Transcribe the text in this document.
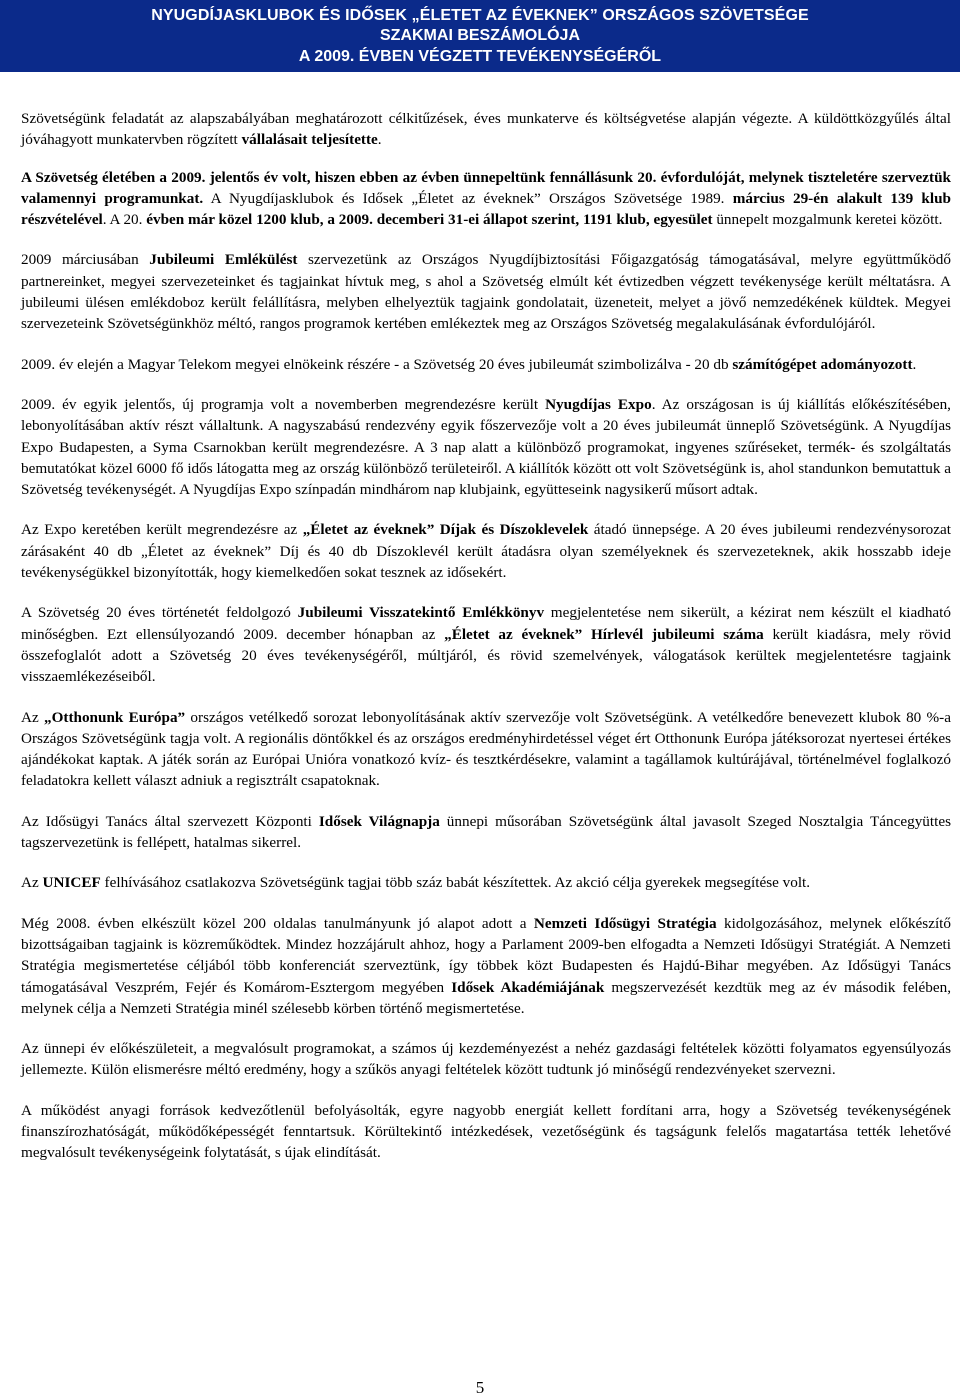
NYUGDÍJASKLUBOK ÉS IDŐSEK „ÉLETET AZ ÉVEKNEK” ORSZÁGOS SZÖVETSÉGE
SZAKMAI BESZÁMOLÓJA
A 2009. ÉVBEN VÉGZETT TEVÉKENYSÉGÉRŐL

Szövetségünk feladatát az alapszabályában meghatározott célkitűzések, éves munkaterve és költségvetése alapján végezte. A küldöttközgyűlés által jóváhagyott munkatervben rögzített vállalásait teljesítette.

A Szövetség életében a 2009. jelentős év volt, hiszen ebben az évben ünnepeltünk fennállásunk 20. évfordulóját, melynek tiszteletére szerveztük valamennyi programunkat. A Nyugdíjasklubok és Idősek „Életet az éveknek” Országos Szövetsége 1989. március 29-én alakult 139 klub részvételével. A 20. évben már közel 1200 klub, a 2009. decemberi 31-ei állapot szerint, 1191 klub, egyesület ünnepelt mozgalmunk keretei között.

2009 márciusában Jubileumi Emlékülést szervezetünk az Országos Nyugdíjbiztosítási Főigazgatóság támogatásával, melyre együttműködő partnereinket, megyei szervezeteinket és tagjainkat hívtuk meg, s ahol a Szövetség elmúlt két évtizedben végzett tevékenysége került méltatásra. A jubileumi ülésen emlékdoboz került felállításra, melyben elhelyeztük tagjaink gondolatait, üzeneteit, melyet a jövő nemzedékének küldtek. Megyei szervezeteink Szövetségünkhöz méltó, rangos programok kertében emlékeztek meg az Országos Szövetség megalakulásának évfordulójáról.

2009. év elején a Magyar Telekom megyei elnökeink részére - a Szövetség 20 éves jubileumát szimbolizálva - 20 db számítógépet adományozott.

2009. év egyik jelentős, új programja volt a novemberben megrendezésre került Nyugdíjas Expo. Az országosan is új kiállítás előkészítésében, lebonyolításában aktív részt vállaltunk. A nagyszabású rendezvény egyik főszervezője volt a 20 éves jubileumát ünneplő Szövetségünk. A Nyugdíjas Expo Budapesten, a Syma Csarnokban került megrendezésre. A 3 nap alatt a különböző programokat, ingyenes szűréseket, termék- és szolgáltatás bemutatókat közel 6000 fő idős látogatta meg az ország különböző területeiről. A kiállítók között ott volt Szövetségünk is, ahol standunkon bemutattuk a Szövetség tevékenységét. A Nyugdíjas Expo színpadán mindhárom nap klubjaink, együtteseink nagysikerű műsort adtak.

Az Expo keretében került megrendezésre az „Életet az éveknek” Díjak és Díszoklevelek átadó ünnepsége. A 20 éves jubileumi rendezvénysorozat zárásaként 40 db „Életet az éveknek” Díj és 40 db Díszoklevél került átadásra olyan személyeknek és szervezeteknek, akik hosszabb ideje tevékenységükkel bizonyították, hogy kiemelkedően sokat tesznek az idősekért.

A Szövetség 20 éves történetét feldolgozó Jubileumi Visszatekintő Emlékkönyv megjelentetése nem sikerült, a kézirat nem készült el kiadható minőségben. Ezt ellensúlyozandó 2009. december hónapban az „Életet az éveknek” Hírlevél jubileumi száma került kiadásra, mely rövid összefoglalót adott a Szövetség 20 éves tevékenységéről, múltjáról, és rövid szemelvények, válogatások kerültek megjelentetésre tagjaink visszaemlékezéseiből.

Az „Otthonunk Európa” országos vetélkedő sorozat lebonyolításának aktív szervezője volt Szövetségünk. A vetélkedőre benevezett klubok 80 %-a Országos Szövetségünk tagja volt. A regionális döntőkkel és az országos eredményhirdetéssel véget ért Otthonunk Európa játéksorozat nyertesei értékes ajándékokat kaptak. A játék során az Európai Unióra vonatkozó kvíz- és tesztkérdésekre, valamint a tagállamok kultúrájával, történelmével foglalkozó feladatokra kellett választ adniuk a regisztrált csapatoknak.

Az Idősügyi Tanács által szervezett Központi Idősek Világnapja ünnepi műsorában Szövetségünk által javasolt Szeged Nosztalgia Táncegyüttes tagszervezetünk is fellépett, hatalmas sikerrel.

Az UNICEF felhívásához csatlakozva Szövetségünk tagjai több száz babát készítettek. Az akció célja gyerekek megsegítése volt.

Még 2008. évben elkészült közel 200 oldalas tanulmányunk jó alapot adott a Nemzeti Idősügyi Stratégia kidolgozásához, melynek előkészítő bizottságaiban tagjaink is közreműködtek. Mindez hozzájárult ahhoz, hogy a Parlament 2009-ben elfogadta a Nemzeti Idősügyi Stratégiát. A Nemzeti Stratégia megismertetése céljából több konferenciát szerveztünk, így többek közt Budapesten és Hajdú-Bihar megyében. Az Idősügyi Tanács támogatásával Veszprém, Fejér és Komárom-Esztergom megyében Idősek Akadémiájának megszervezését kezdtük meg az év második felében, melynek célja a Nemzeti Stratégia minél szélesebb körben történő megismertetése.

Az ünnepi év előkészületeit, a megvalósult programokat, a számos új kezdeményezést a nehéz gazdasági feltételek közötti folyamatos egyensúlyozás jellemezte. Külön elismerésre méltó eredmény, hogy a szűkös anyagi feltételek között tudtunk jó minőségű rendezvényeket szervezni.

A működést anyagi források kedvezőtlenül befolyásolták, egyre nagyobb energiát kellett fordítani arra, hogy a Szövetség tevékenységének finanszírozhatóságát, működőképességét fenntartsuk. Körültekintő intézkedések, vezetőségünk és tagságunk felelős magatartása tették lehetővé megvalósult tevékenységeink folytatását, s újak elindítását.

5
